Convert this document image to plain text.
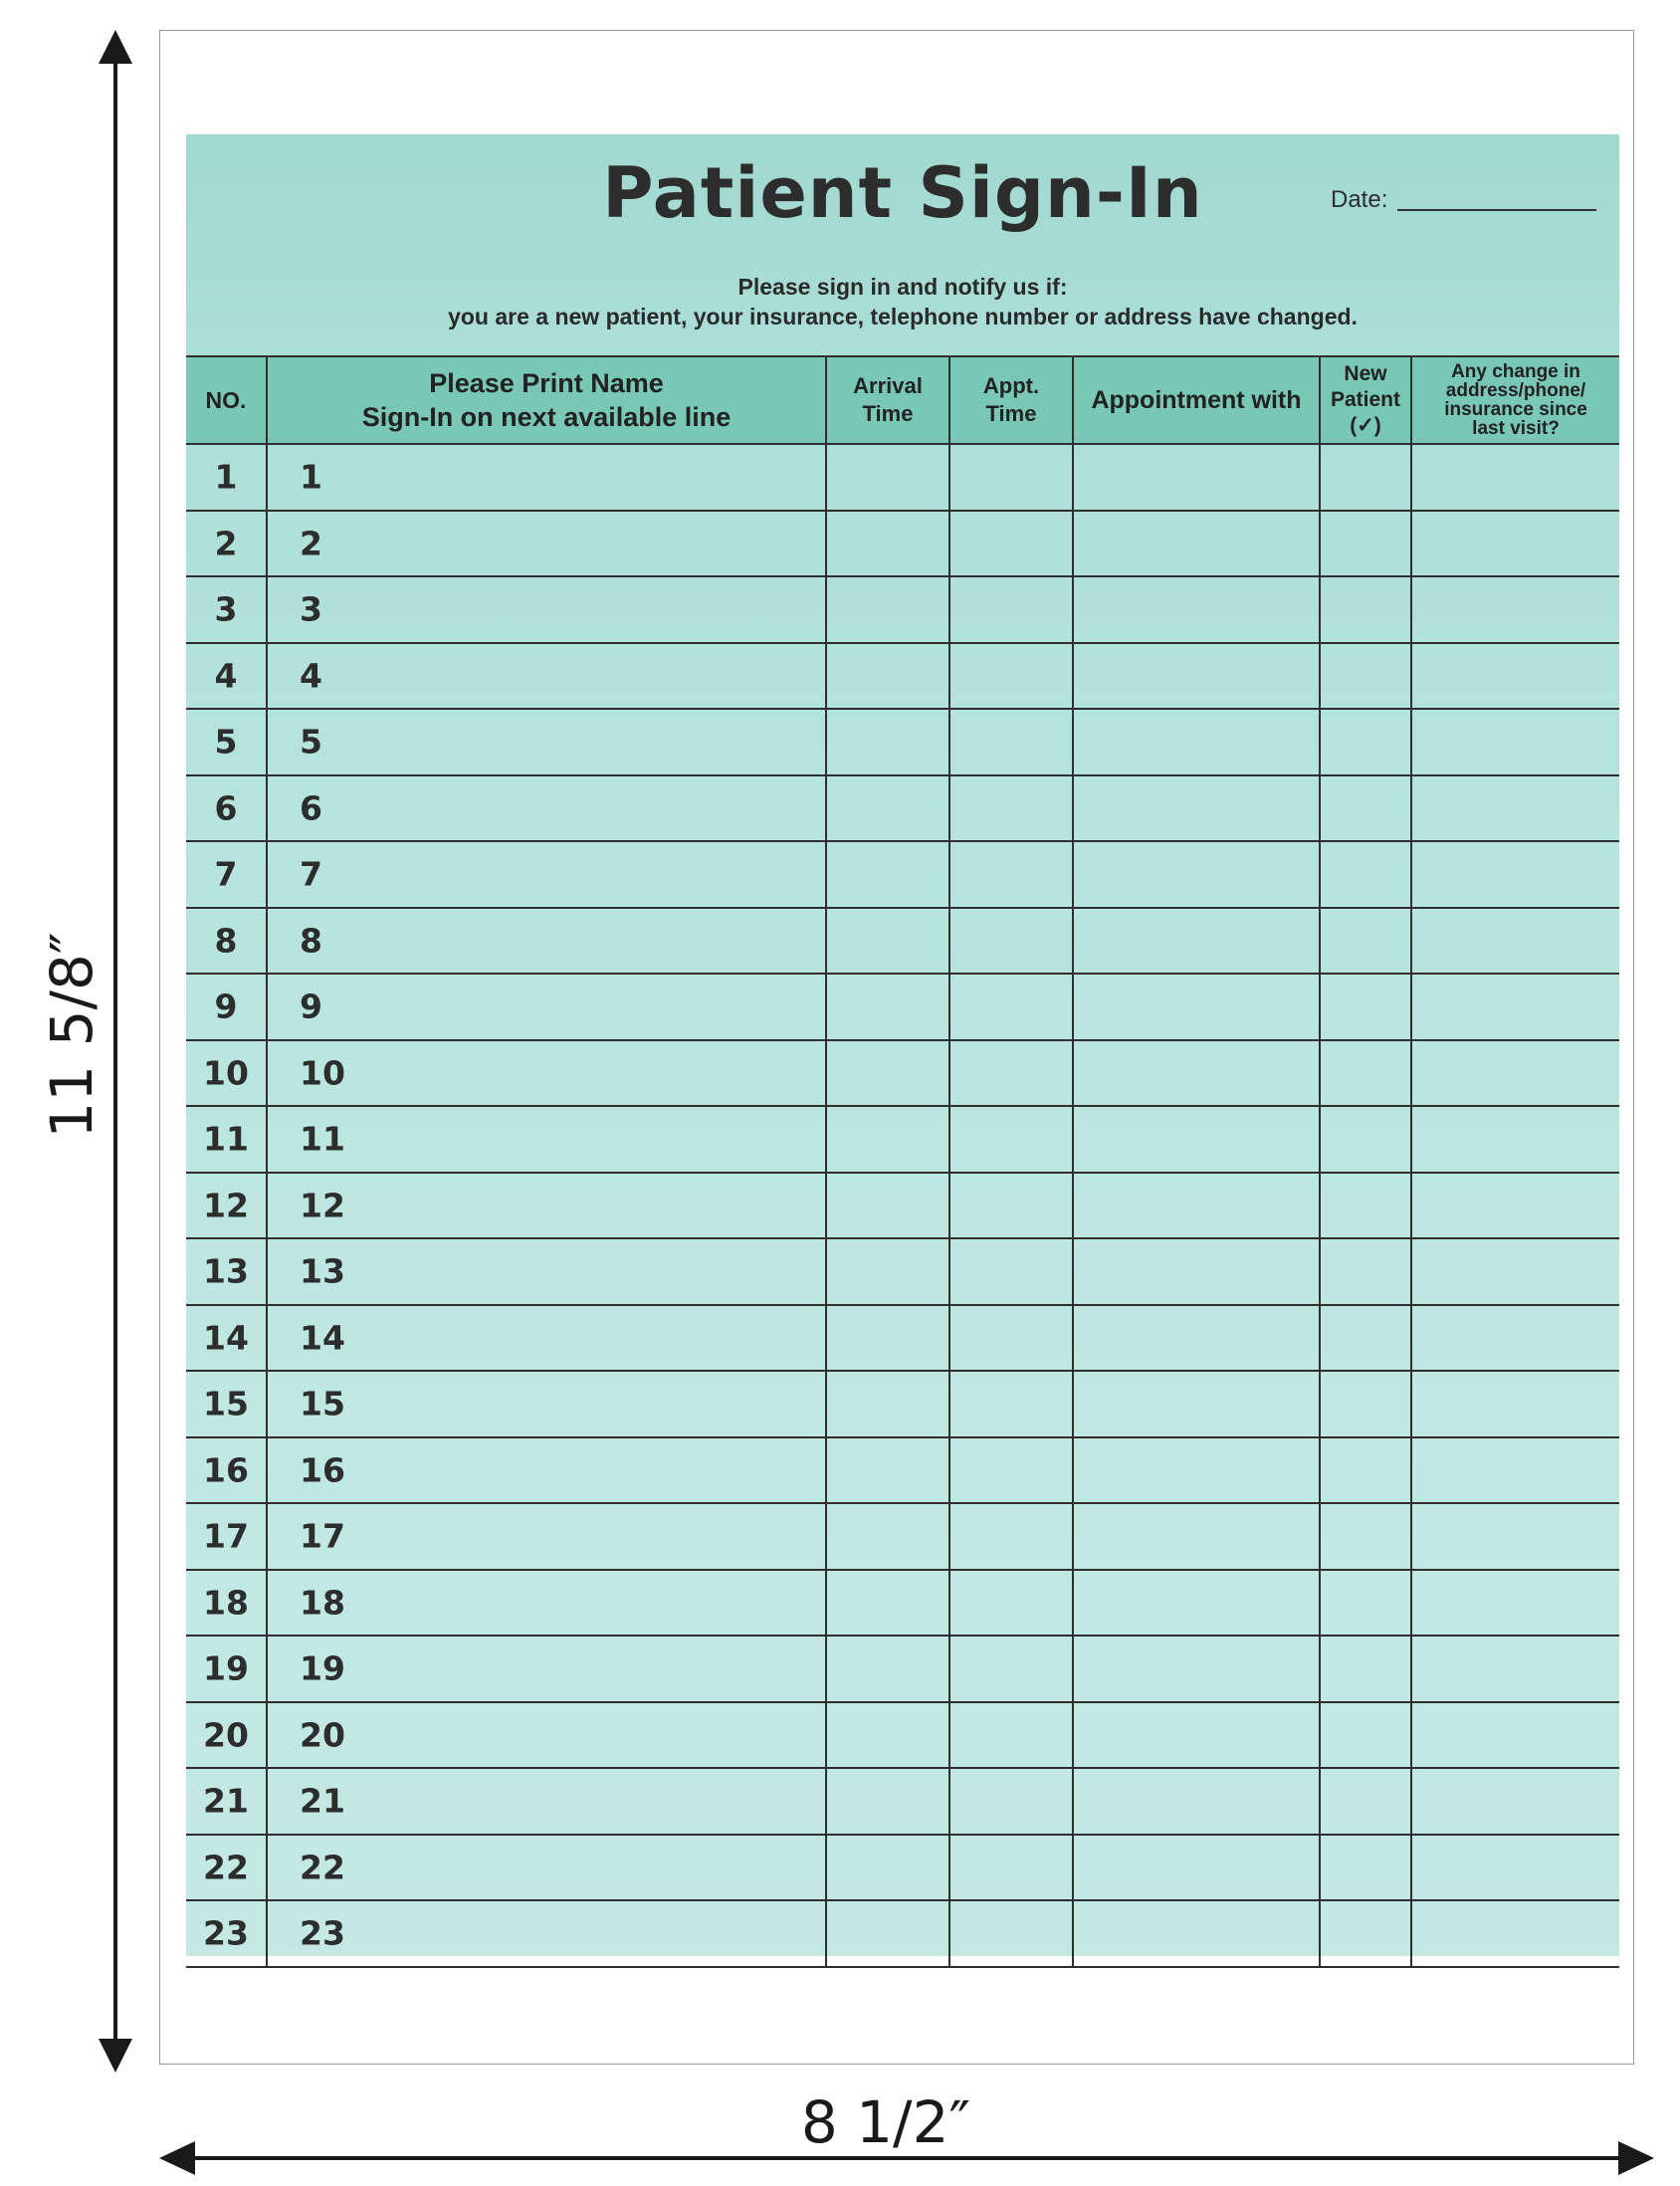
11 5/8″
Patient Sign-In	Date:
Please sign in and notify us if:
you are a new patient, your insurance, telephone number or address have changed.
NO.
Please Print Name
Sign-In on next available line
Arrival
Time
Appt.
Time	Appointment with
New
Patient
(✓)
Any change in
address/phone/
insurance since
last visit?
1 1
2 2
3 3
4 4
5 5
6 6
7 7
8 8
9 9
10 10
11 11
12 12
13 13
14 14
15 15
16 16
17 17
18 18
19 19
20 20
21 21
22 22
23 23
8 1/2″
